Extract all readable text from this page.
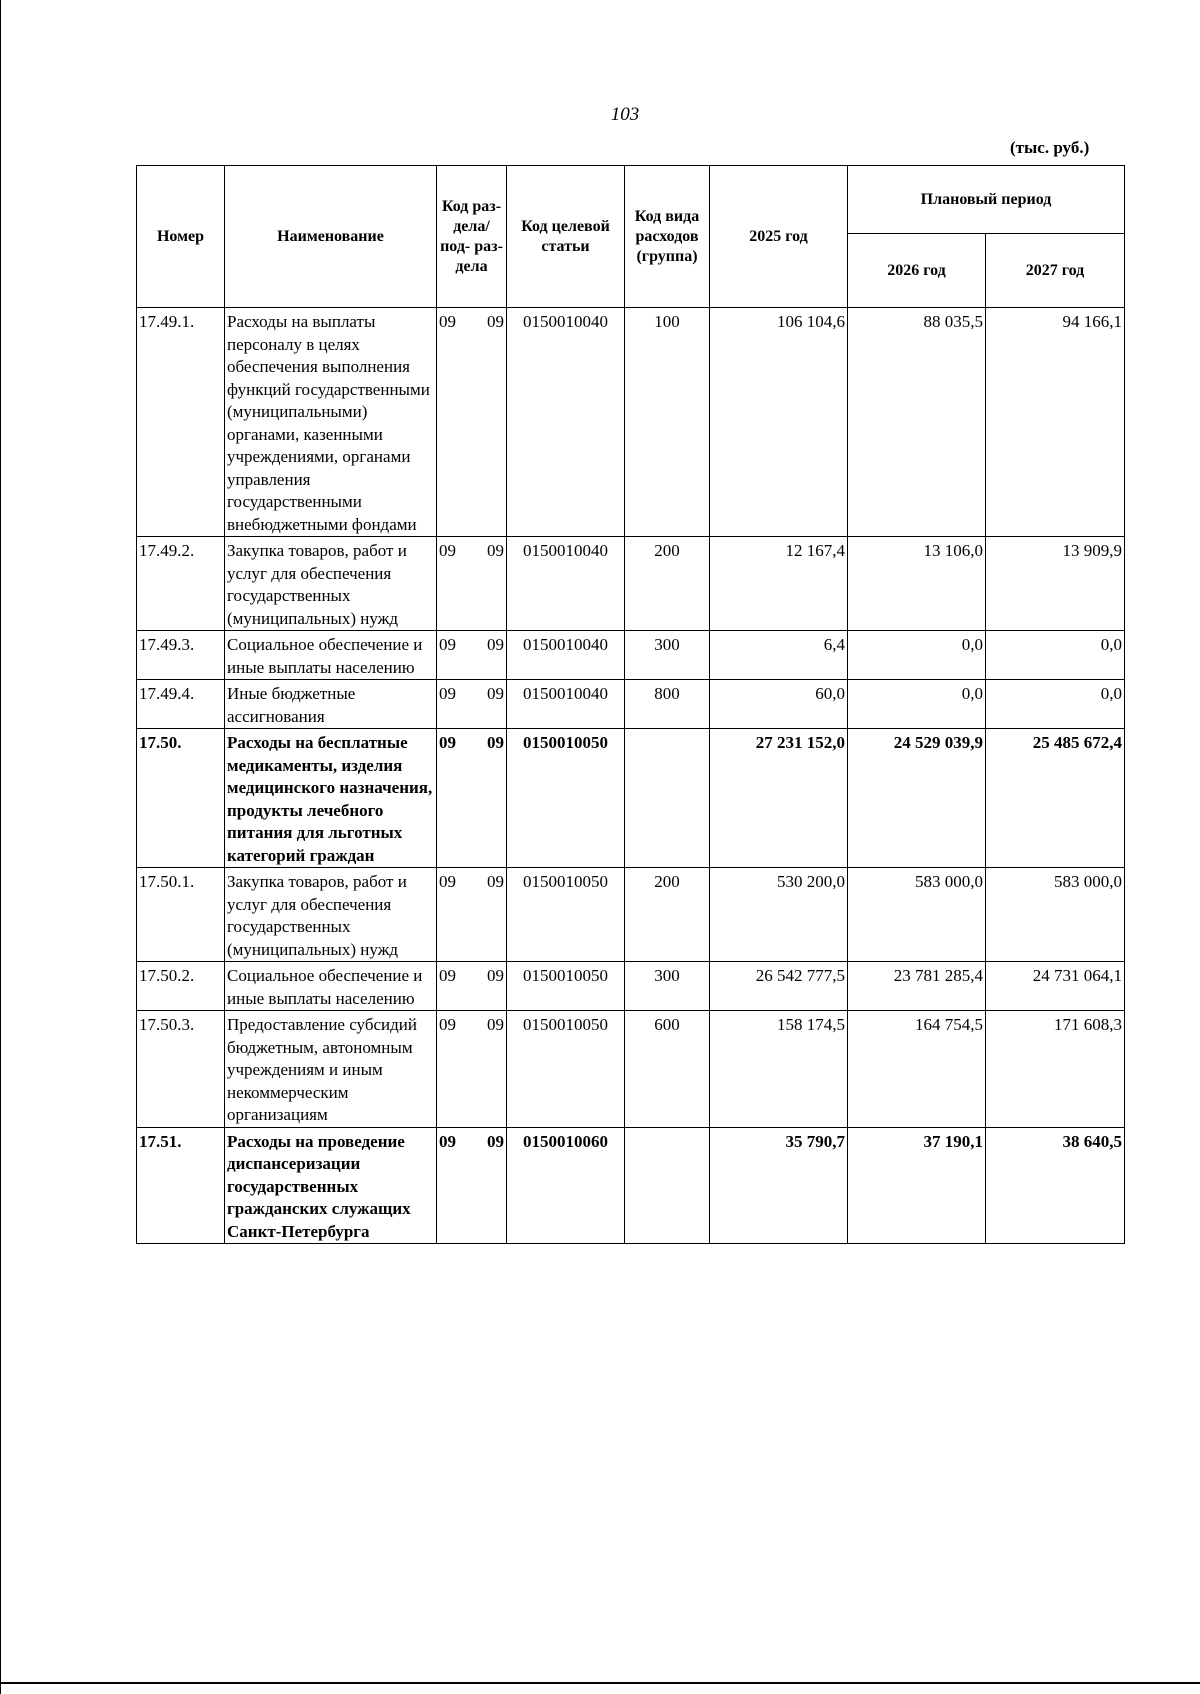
103
(тыс. руб.)
Номер	Наименование	Код раз- дела/ под- раз- дела	Код целевой статьи	Код вида расходов (группа)	2025 год	Плановый период	
						2026 год	2027 год
17.49.1.	Расходы на выплаты персоналу в целях обеспечения выполнения функций государственными (муниципальными) органами, казенными учреждениями, органами управления государственными внебюджетными фондами	09 09	0150010040	100	106 104,6	88 035,5	94 166,1
17.49.2.	Закупка товаров, работ и услуг для обеспечения государственных (муниципальных) нужд	09 09	0150010040	200	12 167,4	13 106,0	13 909,9
17.49.3.	Социальное обеспечение и иные выплаты населению	09 09	0150010040	300	6,4	0,0	0,0
17.49.4.	Иные бюджетные ассигнования	09 09	0150010040	800	60,0	0,0	0,0
17.50.	Расходы на бесплатные медикаменты, изделия медицинского назначения, продукты лечебного питания для льготных категорий граждан	09 09	0150010050		27 231 152,0	24 529 039,9	25 485 672,4
17.50.1.	Закупка товаров, работ и услуг для обеспечения государственных (муниципальных) нужд	09 09	0150010050	200	530 200,0	583 000,0	583 000,0
17.50.2.	Социальное обеспечение и иные выплаты населению	09 09	0150010050	300	26 542 777,5	23 781 285,4	24 731 064,1
17.50.3.	Предоставление субсидий бюджетным, автономным учреждениям и иным некоммерческим организациям	09 09	0150010050	600	158 174,5	164 754,5	171 608,3
17.51.	Расходы на проведение диспансеризации государственных гражданских служащих Санкт-Петербурга	09 09	0150010060		35 790,7	37 190,1	38 640,5
